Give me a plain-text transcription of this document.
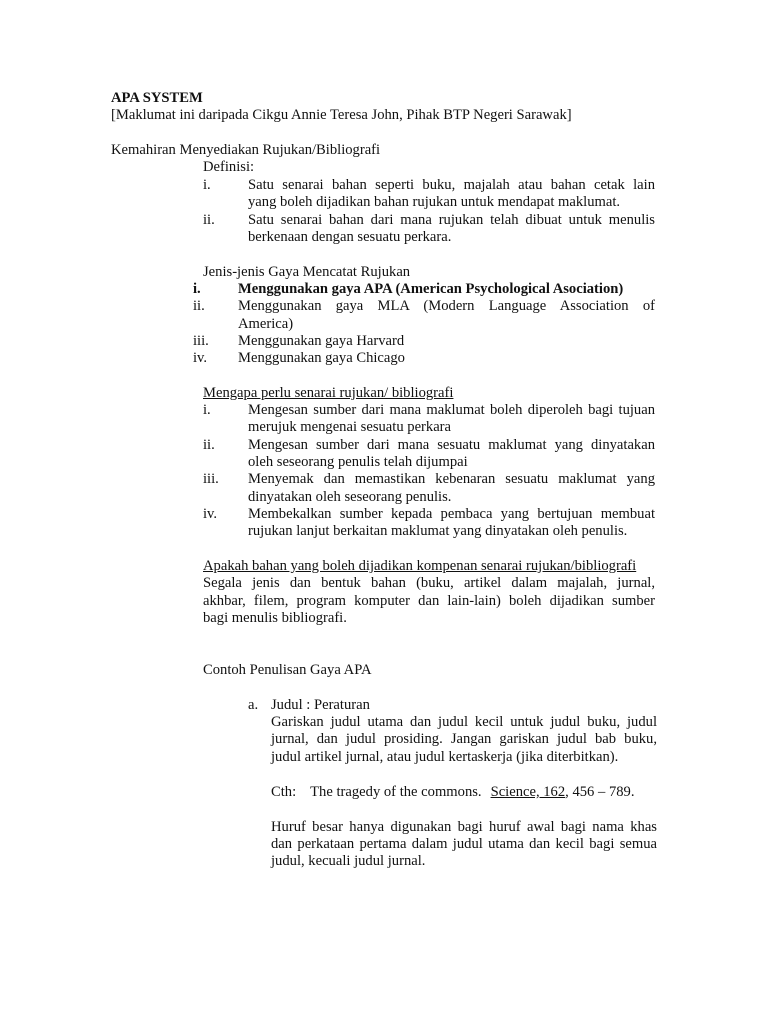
APA SYSTEM
[Maklumat ini daripada Cikgu Annie Teresa John, Pihak BTP Negeri Sarawak]
Kemahiran Menyediakan Rujukan/Bibliografi
Definisi:
i.	Satu senarai bahan seperti buku, majalah atau bahan cetak lain
yang boleh dijadikan bahan rujukan untuk mendapat maklumat.
ii. Satu senarai bahan dari mana rujukan telah dibuat untuk menulis
berkenaan dengan sesuatu perkara.
Jenis-jenis Gaya Mencatat Rujukan
i.	Menggunakan gaya APA (American Psychological Asociation)
ii. Menggunakan gaya MLA (Modern Language Association of
America)
iii. Menggunakan gaya Harvard
iv. Menggunakan gaya Chicago
Mengapa perlu senarai rujukan/ bibliografi
i.	Mengesan sumber dari mana maklumat boleh diperoleh bagi tujuan
merujuk mengenai sesuatu perkara
ii. Mengesan sumber dari mana sesuatu maklumat yang dinyatakan
oleh seseorang penulis telah dijumpai
iii. Menyemak dan memastikan kebenaran sesuatu maklumat yang
dinyatakan oleh seseorang penulis.
iv. Membekalkan sumber kepada pembaca yang bertujuan membuat
rujukan lanjut berkaitan maklumat yang dinyatakan oleh penulis.
Apakah bahan yang boleh dijadikan kompenan senarai rujukan/bibliografi
Segala jenis dan bentuk bahan (buku, artikel dalam majalah, jurnal,
akhbar, filem, program komputer dan lain-lain) boleh dijadikan sumber
bagi menulis bibliografi.
Contoh Penulisan Gaya APA
a. Judul : Peraturan
Gariskan judul utama dan judul kecil untuk judul buku, judul
jurnal, dan judul prosiding. Jangan gariskan judul bab buku,
judul artikel jurnal, atau judul kertaskerja (jika diterbitkan).
Cth: The tragedy of the commons. Science, 162, 456 – 789.
Huruf besar hanya digunakan bagi huruf awal bagi nama khas
dan perkataan pertama dalam judul utama dan kecil bagi semua
judul, kecuali judul jurnal.
